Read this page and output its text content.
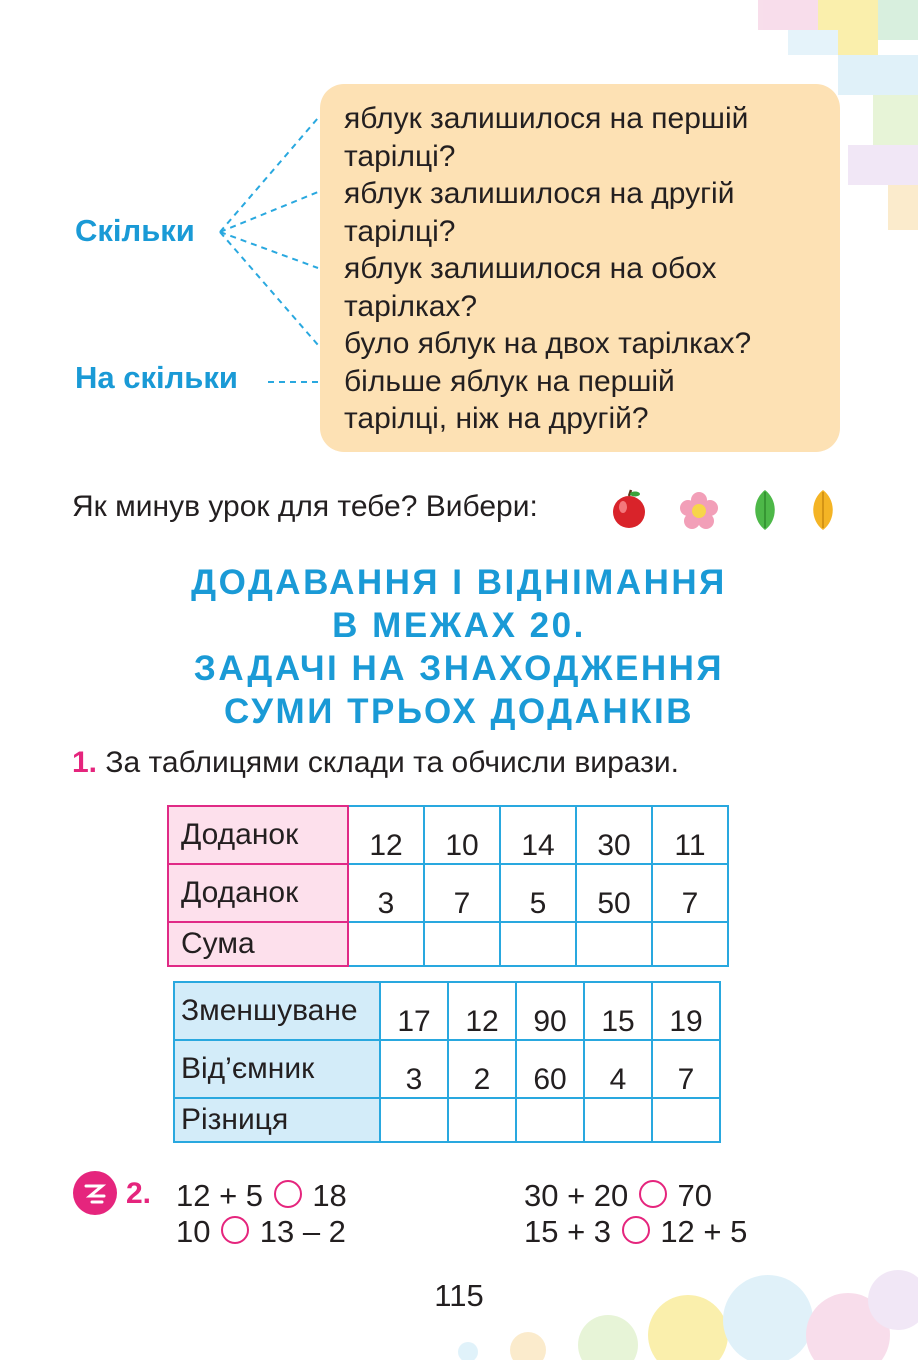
Скільки
На скільки
яблук залишилося на першій
тарілці?
яблук залишилося на другій
тарілці?
яблук залишилося на обох
тарілках?
було яблук на двох тарілках?
більше яблук на першій
тарілці, ніж на другій?
Як минув урок для тебе? Вибери:
ДОДАВАННЯ І ВІДНІМАННЯ
В МЕЖАХ 20.
ЗАДАЧІ НА ЗНАХОДЖЕННЯ
СУМИ ТРЬОХ ДОДАНКІВ
1. За таблицями склади та обчисли вирази.
Доданок	12	10	14	30	11
Доданок	3	7	5	50	7
Сума					
Зменшуване	17	12	90	15	19
Від’ємник	3	2	60	4	7
Різниця					
2. 12 + 5 18
10 13 – 2
30 + 20 70
15 + 3 12 + 5
115
